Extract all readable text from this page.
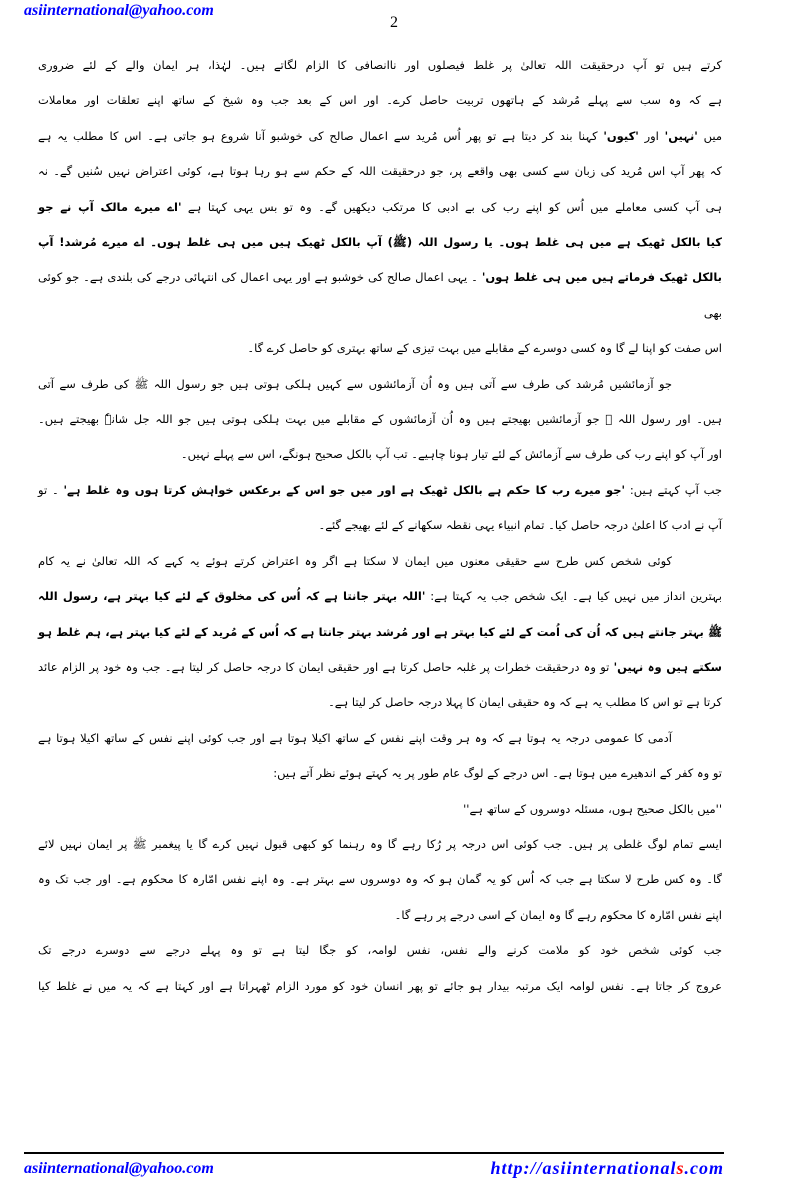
asiinternational@yahoo.com
2
کرتے ہیں تو آپ درحقیقت اللہ تعالیٰ پر غلط فیصلوں اور ناانصافی کا الزام لگاتے ہیں۔ لہٰذا، ہر ایمان والے کے لئے ضروری
ہے کہ وہ سب سے پہلے مُرشد کے ہاتھوں تربیت حاصل کرے۔ اور اس کے بعد جب وہ شیخ کے ساتھ اپنے تعلقات اور معاملات
میں 'نہیں' اور 'کیوں' کہنا بند کر دیتا ہے تو پھر اُس مُرید سے اعمال صالح کی خوشبو آنا شروع ہو جاتی ہے۔ اس کا مطلب یہ ہے
کہ پھر آپ اس مُرید کی زبان سے کسی بھی واقعے پر، جو درحقیقت اللہ کے حکم سے ہو رہا ہوتا ہے، کوئی اعتراض نہیں سُنیں گے۔ نہ
ہی آپ کسی معاملے میں اُس کو اپنے رب کی بے ادبی کا مرتکب دیکھیں گے۔ وہ تو بس یہی کہتا ہے 'اے میرے مالک آپ نے جو
کیا بالکل ٹھیک ہے میں ہی غلط ہوں۔ یا رسول اللہ (ﷺ) آپ بالکل ٹھیک ہیں میں ہی غلط ہوں۔ اے میرے مُرشد! آپ
بالکل ٹھیک فرماتے ہیں میں ہی غلط ہوں' ۔ یہی اعمال صالح کی خوشبو ہے اور یہی اعمال کی انتہائی درجے کی بلندی ہے۔ جو کوئی بھی
اس صفت کو اپنا لے گا وہ کسی دوسرے کے مقابلے میں بہت تیزی کے ساتھ بہتری کو حاصل کرے گا۔
جو آزمائشیں مُرشد کی طرف سے آتی ہیں وہ اُن آزمائشوں سے کہیں ہلکی ہوتی ہیں جو رسول اللہ ﷺ کی طرف سے آتی
ہیں۔ اور رسول اللہ ﷺ جو آزمائشیں بھیجتے ہیں وہ اُن آزمائشوں کے مقابلے میں بہت ہلکی ہوتی ہیں جو اللہ جل شانہٗ بھیجتے ہیں۔
اور آپ کو اپنے رب کی طرف سے آزمائش کے لئے تیار ہونا چاہیے۔ تب آپ بالکل صحیح ہونگے، اس سے پہلے نہیں۔
جب آپ کہتے ہیں: 'جو میرے رب کا حکم ہے بالکل ٹھیک ہے اور میں جو اس کے برعکس خواہش کرتا ہوں وہ غلط ہے' ۔ تو
آپ نے ادب کا اعلیٰ درجہ حاصل کیا۔ تمام انبیاء یہی نقطہ سکھانے کے لئے بھیجے گئے۔
کوئی شخص کس طرح سے حقیقی معنوں میں ایمان لا سکتا ہے اگر وہ اعتراض کرتے ہوئے یہ کہے کہ اللہ تعالیٰ نے یہ کام
بہترین انداز میں نہیں کیا ہے۔ ایک شخص جب یہ کہتا ہے: 'اللہ بہتر جانتا ہے کہ اُس کی مخلوق کے لئے کیا بہتر ہے، رسول اللہ
ﷺ بہتر جانتے ہیں کہ اُن کی اُمت کے لئے کیا بہتر ہے اور مُرشد بہتر جانتا ہے کہ اُس کے مُرید کے لئے کیا بہتر ہے، ہم غلط ہو
سکتے ہیں وہ نہیں' تو وہ درحقیقت خطرات پر غلبہ حاصل کرتا ہے اور حقیقی ایمان کا درجہ حاصل کر لیتا ہے۔ جب وہ خود پر الزام عائد
کرتا ہے تو اس کا مطلب یہ ہے کہ وہ حقیقی ایمان کا پہلا درجہ حاصل کر لیتا ہے۔
آدمی کا عمومی درجہ یہ ہوتا ہے کہ وہ ہر وقت اپنے نفس کے ساتھ اکیلا ہوتا ہے اور جب کوئی اپنے نفس کے ساتھ اکیلا ہوتا ہے
تو وہ کفر کے اندھیرے میں ہوتا ہے۔ اس درجے کے لوگ عام طور پر یہ کہتے ہوئے نظر آتے ہیں:
''میں بالکل صحیح ہوں، مسئلہ دوسروں کے ساتھ ہے''
ایسے تمام لوگ غلطی پر ہیں۔ جب کوئی اس درجہ پر رُکا رہے گا وہ رہنما کو کبھی قبول نہیں کرے گا یا پیغمبر ﷺ پر ایمان نہیں لائے
گا۔ وہ کس طرح لا سکتا ہے جب کہ اُس کو یہ گمان ہو کہ وہ دوسروں سے بہتر ہے۔ وہ اپنے نفس امّارہ کا محکوم ہے۔ اور جب تک وہ
اپنے نفس امّارہ کا محکوم رہے گا وہ ایمان کے اسی درجے پر رہے گا۔
جب کوئی شخص خود کو ملامت کرنے والے نفس، نفس لوامہ، کو جگا لیتا ہے تو وہ پہلے درجے سے دوسرے درجے تک
عروج کر جاتا ہے۔ نفس لوامہ ایک مرتبہ بیدار ہو جائے تو پھر انسان خود کو مورد الزام ٹھہراتا ہے اور کہتا ہے کہ یہ میں نے غلط کیا
asiinternational@yahoo.com	http://asiinternationals.com
